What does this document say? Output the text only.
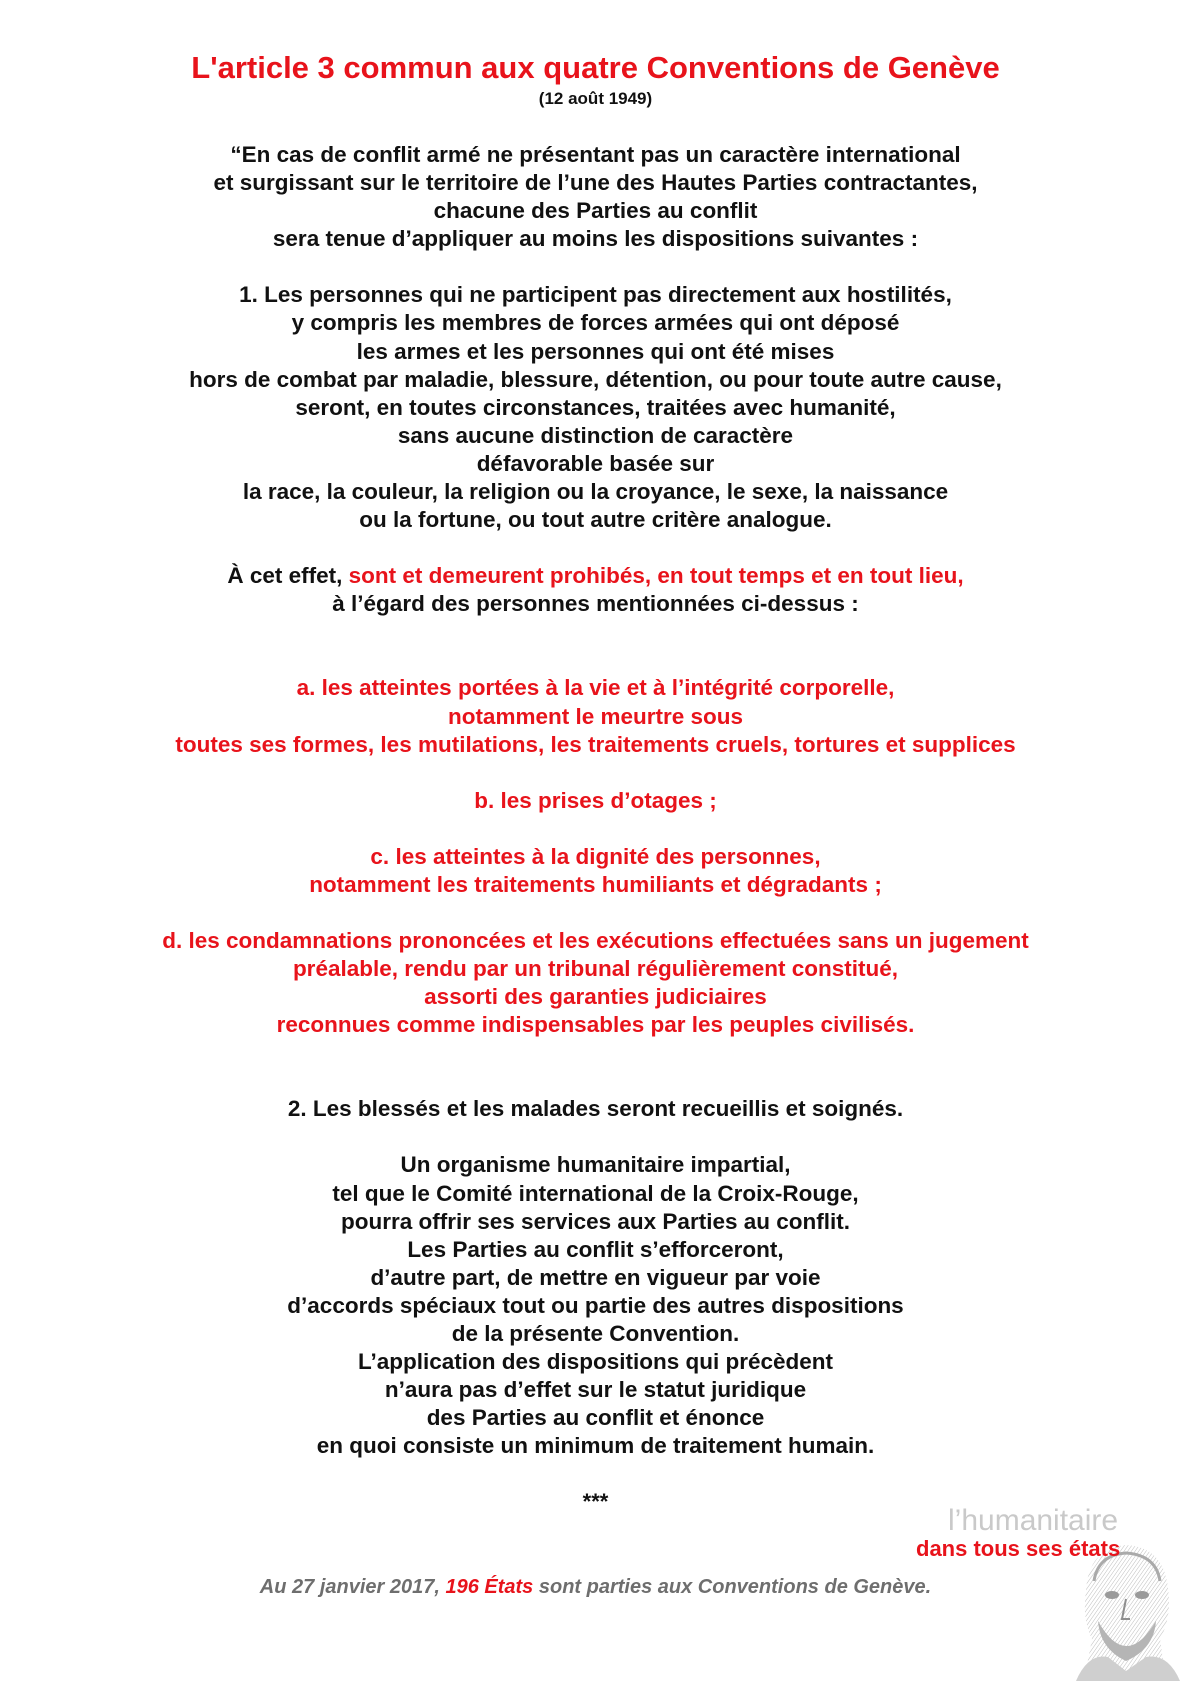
L'article 3 commun aux quatre Conventions de Genève
(12 août 1949)
“En cas de conflit armé ne présentant pas un caractère international
et surgissant sur le territoire de l’une des Hautes Parties contractantes,
chacune des Parties au conflit
sera tenue d’appliquer au moins les dispositions suivantes :
1. Les personnes qui ne participent pas directement aux hostilités,
y compris les membres de forces armées qui ont déposé
les armes et les personnes qui ont été mises
hors de combat par maladie, blessure, détention, ou pour toute autre cause,
seront, en toutes circonstances, traitées avec humanité,
sans aucune distinction de caractère
défavorable basée sur
la race, la couleur, la religion ou la croyance, le sexe, la naissance
ou la fortune, ou tout autre critère analogue.
À cet effet, sont et demeurent prohibés, en tout temps et en tout lieu,
à l’égard des personnes mentionnées ci-dessus :
a. les atteintes portées à la vie et à l’intégrité corporelle,
notamment le meurtre sous
toutes ses formes, les mutilations, les traitements cruels, tortures et supplices
b. les prises d’otages ;
c. les atteintes à la dignité des personnes,
notamment les traitements humiliants et dégradants ;
d. les condamnations prononcées et les exécutions effectuées sans un jugement
préalable, rendu par un tribunal régulièrement constitué,
assorti des garanties judiciaires
reconnues comme indispensables par les peuples civilisés.
2. Les blessés et les malades seront recueillis et soignés.
Un organisme humanitaire impartial,
tel que le Comité international de la Croix-Rouge,
pourra offrir ses services aux Parties au conflit.
Les Parties au conflit s’efforceront,
d’autre part, de mettre en vigueur par voie
d’accords spéciaux tout ou partie des autres dispositions
de la présente Convention.
L’application des dispositions qui précèdent
n’aura pas d’effet sur le statut juridique
des Parties au conflit et énonce
en quoi consiste un minimum de traitement humain.
***
l’humanitaire
dans tous ses états
Au 27 janvier 2017, 196 États sont parties aux Conventions de Genève.
